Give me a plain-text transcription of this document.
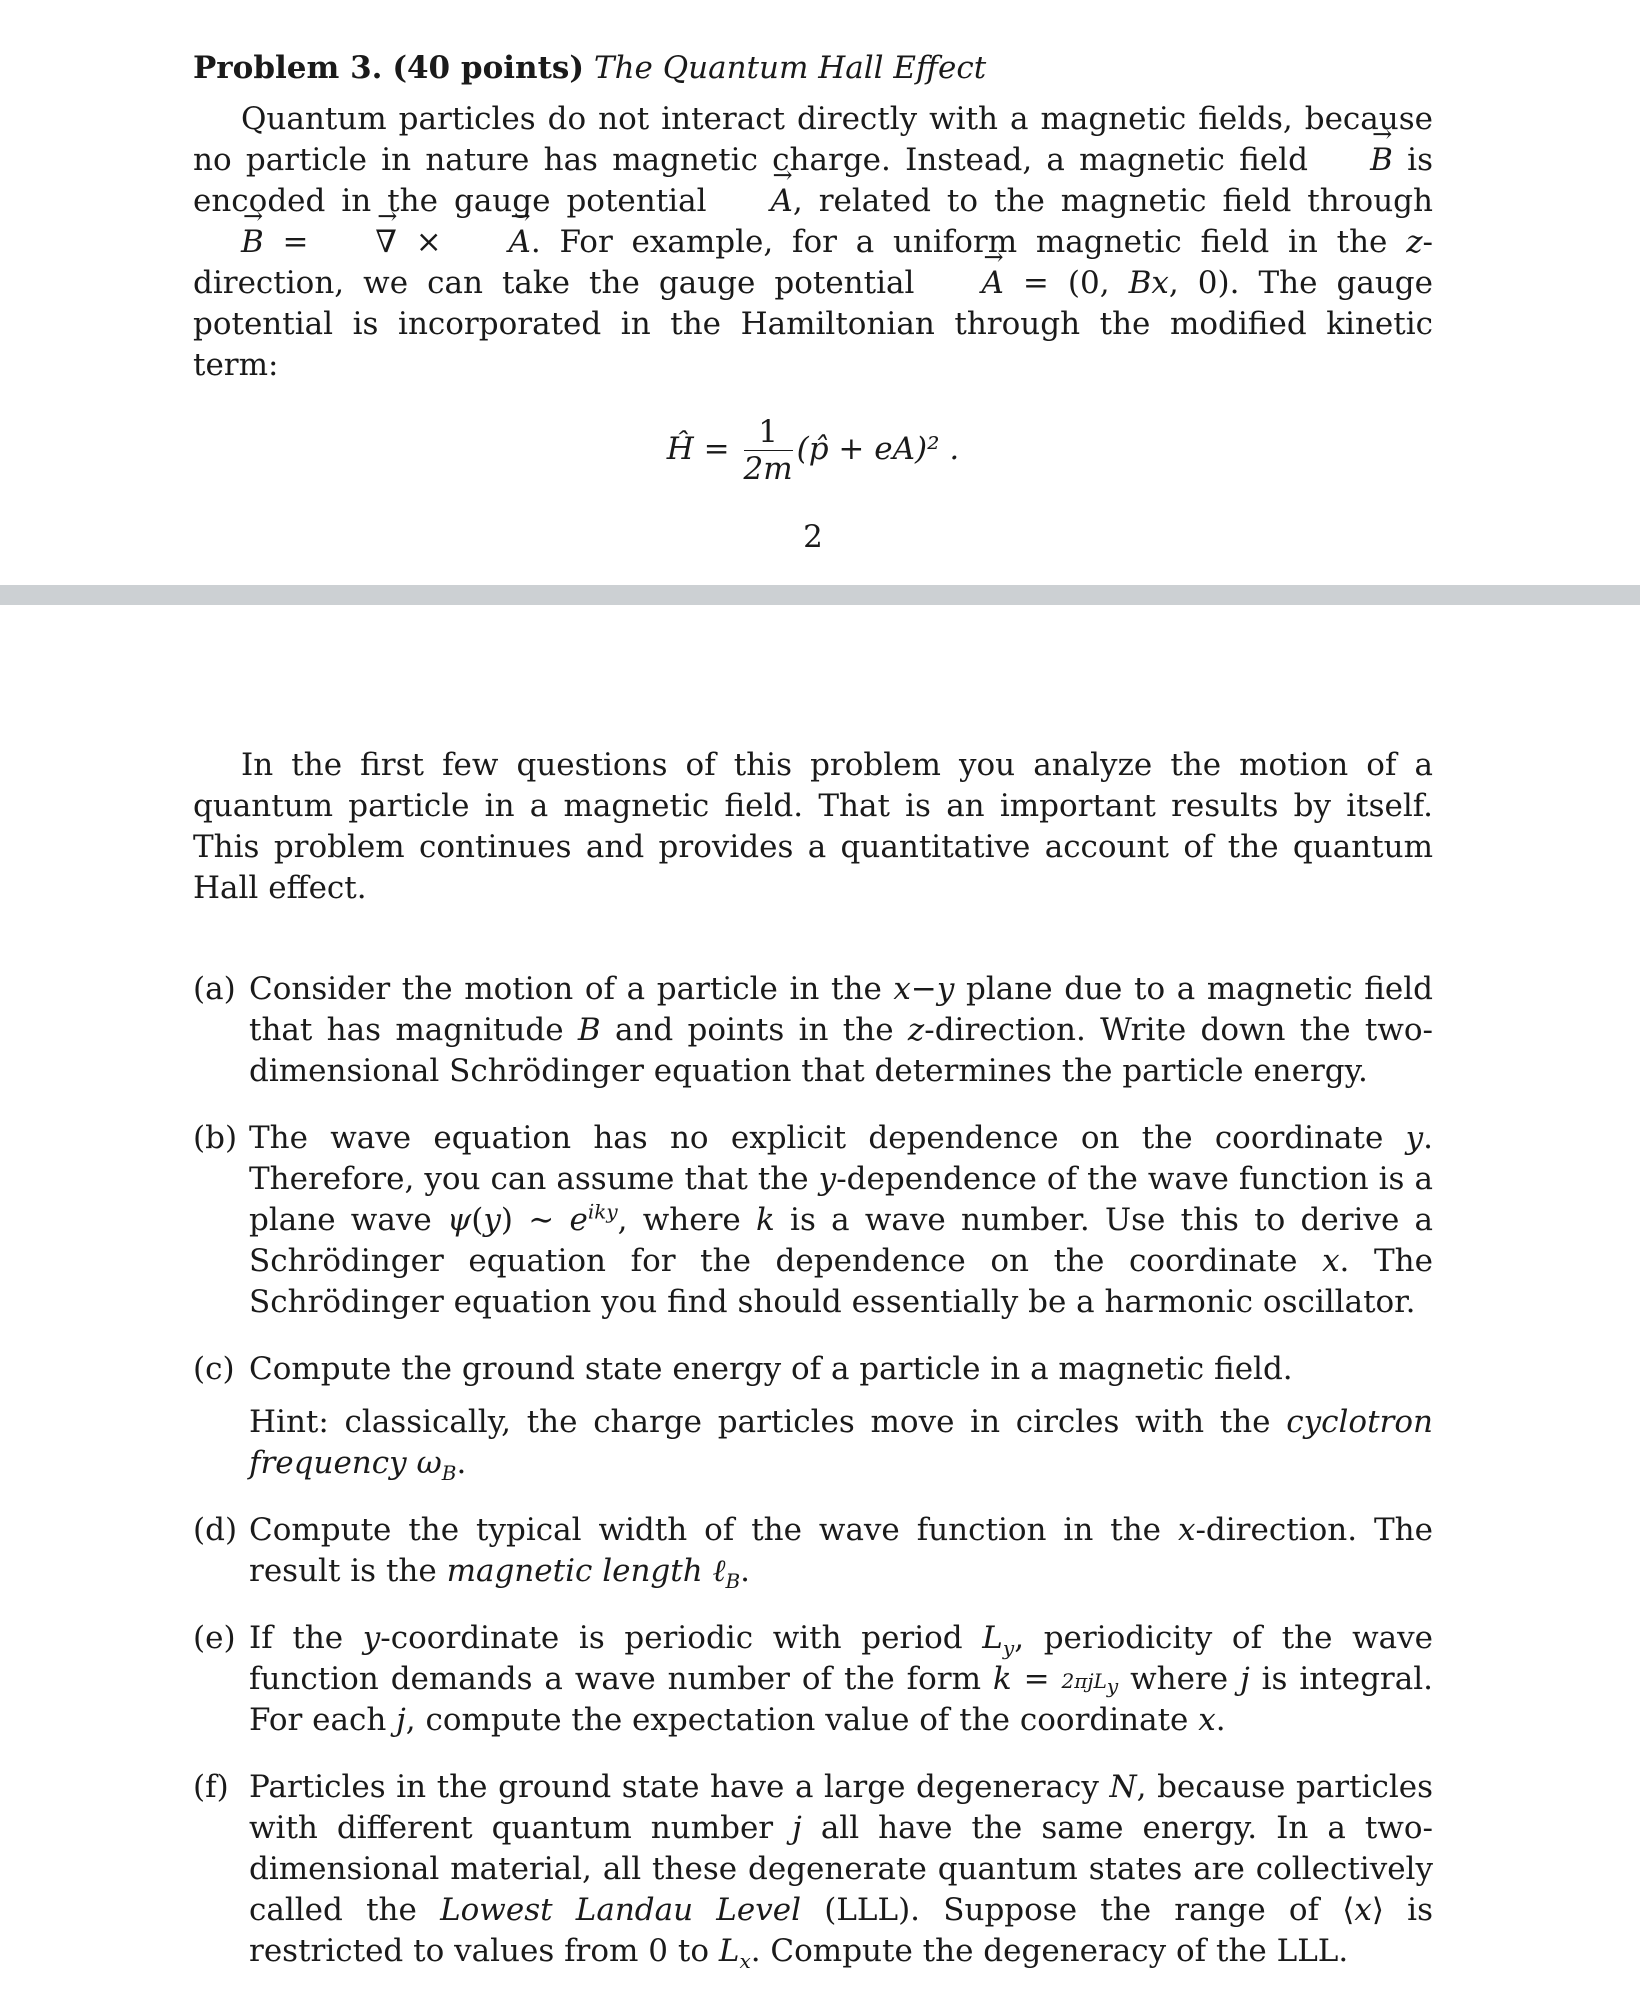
Problem 3. (40 points) The Quantum Hall Effect

Quantum particles do not interact directly with a magnetic fields, because no particle in nature has magnetic charge. Instead, a magnetic field → B is encoded in the gauge potential → A, related to the magnetic field through → B = → ∇ × → A. For example, for a uniform magnetic field in the z-direction, we can take the gauge potential → A = (0, Bx, 0). The gauge potential is incorporated in the Hamiltonian through the modified kinetic term:

Ĥ = $\frac{1}{2m}$ (p̂ + eA)² .
2

In the first few questions of this problem you analyze the motion of a quantum particle in a magnetic field. That is an important results by itself. This problem continues and provides a quantitative account of the quantum Hall effect.

(a) Consider the motion of a particle in the x−y plane due to a magnetic field that has magnitude B and points in the z-direction. Write down the two-dimensional Schrödinger equation that determines the particle energy.

(b) The wave equation has no explicit dependence on the coordinate y. Therefore, you can assume that the y-dependence of the wave function is a plane wave ψ(y) ∼ $e^{iky}$, where k is a wave number. Use this to derive a Schrödinger equation for the dependence on the coordinate x. The Schrödinger equation you find should essentially be a harmonic oscillator.

(c) Compute the ground state energy of a particle in a magnetic field.

Hint: classically, the charge particles move in circles with the cyclotron frequency $\omega_B$.

(d) Compute the typical width of the wave function in the x-direction. The result is the magnetic length ℓ$_B$.

(e) If the y-coordinate is periodic with period $L_y$, periodicity of the wave function demands a wave number of the form k = 2πjL$_y$ where j is integral. For each j, compute the expectation value of the coordinate x.

(f) Particles in the ground state have a large degeneracy N, because particles with different quantum number j all have the same energy. In a two-dimensional material, all these degenerate quantum states are collectively called the Lowest Landau Level (LLL). Suppose the range of ⟨x⟩ is restricted to values from 0 to $L_x$. Compute the degeneracy of the LLL.
